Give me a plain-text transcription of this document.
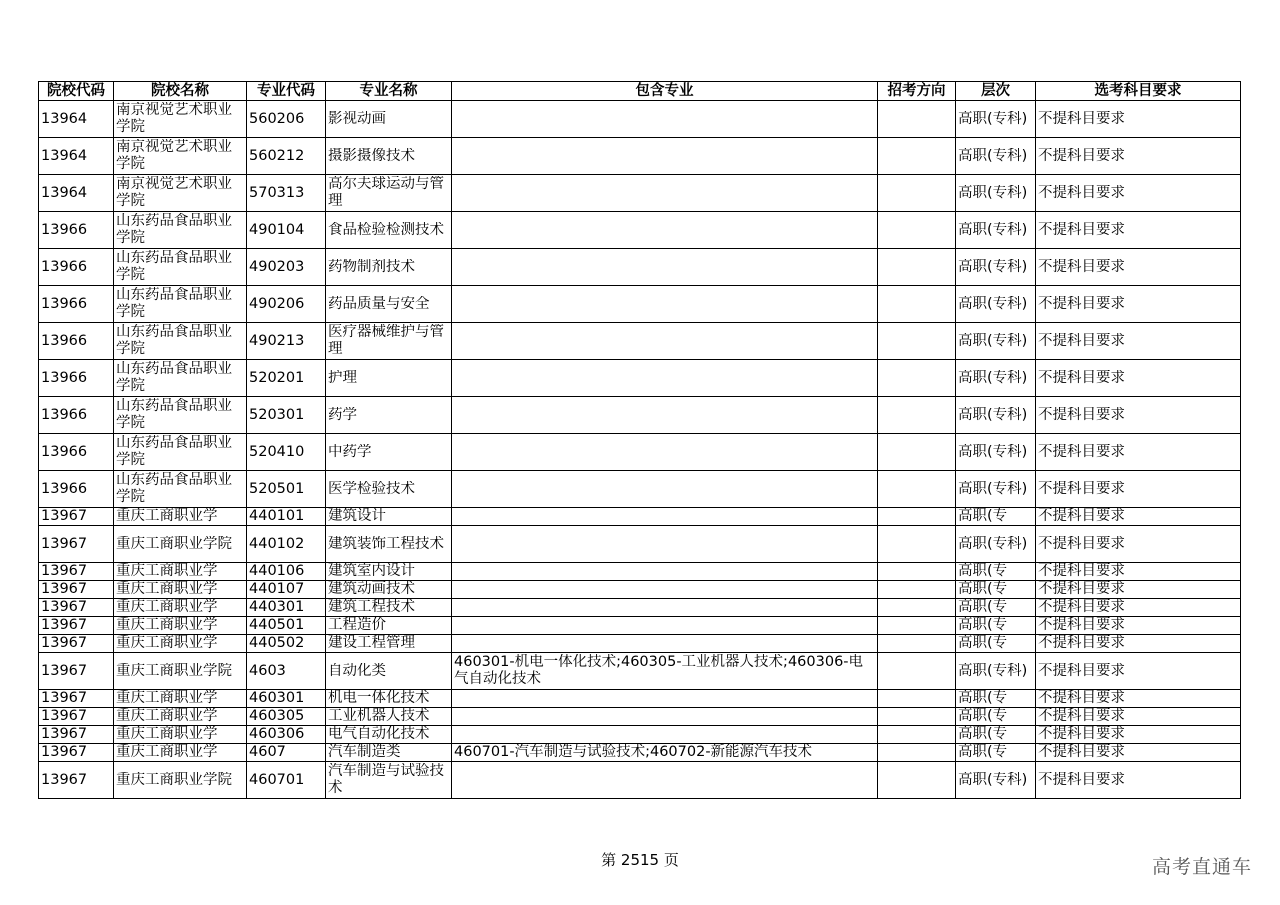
院校代码	院校名称	专业代码	专业名称	包含专业	招考方向	层次	选考科目要求

13964	南京视觉艺术职业学院	560206	影视动画			高职(专科)	不提科目要求

13964	南京视觉艺术职业学院	560212	摄影摄像技术			高职(专科)	不提科目要求

13964	南京视觉艺术职业学院	570313	高尔夫球运动与管理			高职(专科)	不提科目要求

13966	山东药品食品职业学院	490104	食品检验检测技术			高职(专科)	不提科目要求

13966	山东药品食品职业学院	490203	药物制剂技术			高职(专科)	不提科目要求

13966	山东药品食品职业学院	490206	药品质量与安全			高职(专科)	不提科目要求

13966	山东药品食品职业学院	490213	医疗器械维护与管理			高职(专科)	不提科目要求

13966	山东药品食品职业学院	520201	护理			高职(专科)	不提科目要求

13966	山东药品食品职业学院	520301	药学			高职(专科)	不提科目要求

13966	山东药品食品职业学院	520410	中药学			高职(专科)	不提科目要求

13966	山东药品食品职业学院	520501	医学检验技术			高职(专科)	不提科目要求

13967	重庆工商职业学	440101	建筑设计			高职(专	不提科目要求

13967	重庆工商职业学院	440102	建筑装饰工程技术			高职(专科)	不提科目要求

13967	重庆工商职业学	440106	建筑室内设计			高职(专	不提科目要求

13967	重庆工商职业学	440107	建筑动画技术			高职(专	不提科目要求

13967	重庆工商职业学	440301	建筑工程技术			高职(专	不提科目要求

13967	重庆工商职业学	440501	工程造价			高职(专	不提科目要求

13967	重庆工商职业学	440502	建设工程管理			高职(专	不提科目要求

13967	重庆工商职业学院	4603	自动化类	460301-机电一体化技术;460305-工业机器人技术;460306-电气自动化技术		高职(专科)	不提科目要求

13967	重庆工商职业学	460301	机电一体化技术			高职(专	不提科目要求

13967	重庆工商职业学	460305	工业机器人技术			高职(专	不提科目要求

13967	重庆工商职业学	460306	电气自动化技术			高职(专	不提科目要求

13967	重庆工商职业学	4607	汽车制造类	460701-汽车制造与试验技术;460702-新能源汽车技术		高职(专	不提科目要求

13967	重庆工商职业学院	460701	汽车制造与试验技术			高职(专科)	不提科目要求
第 2515 页	高考直通车
